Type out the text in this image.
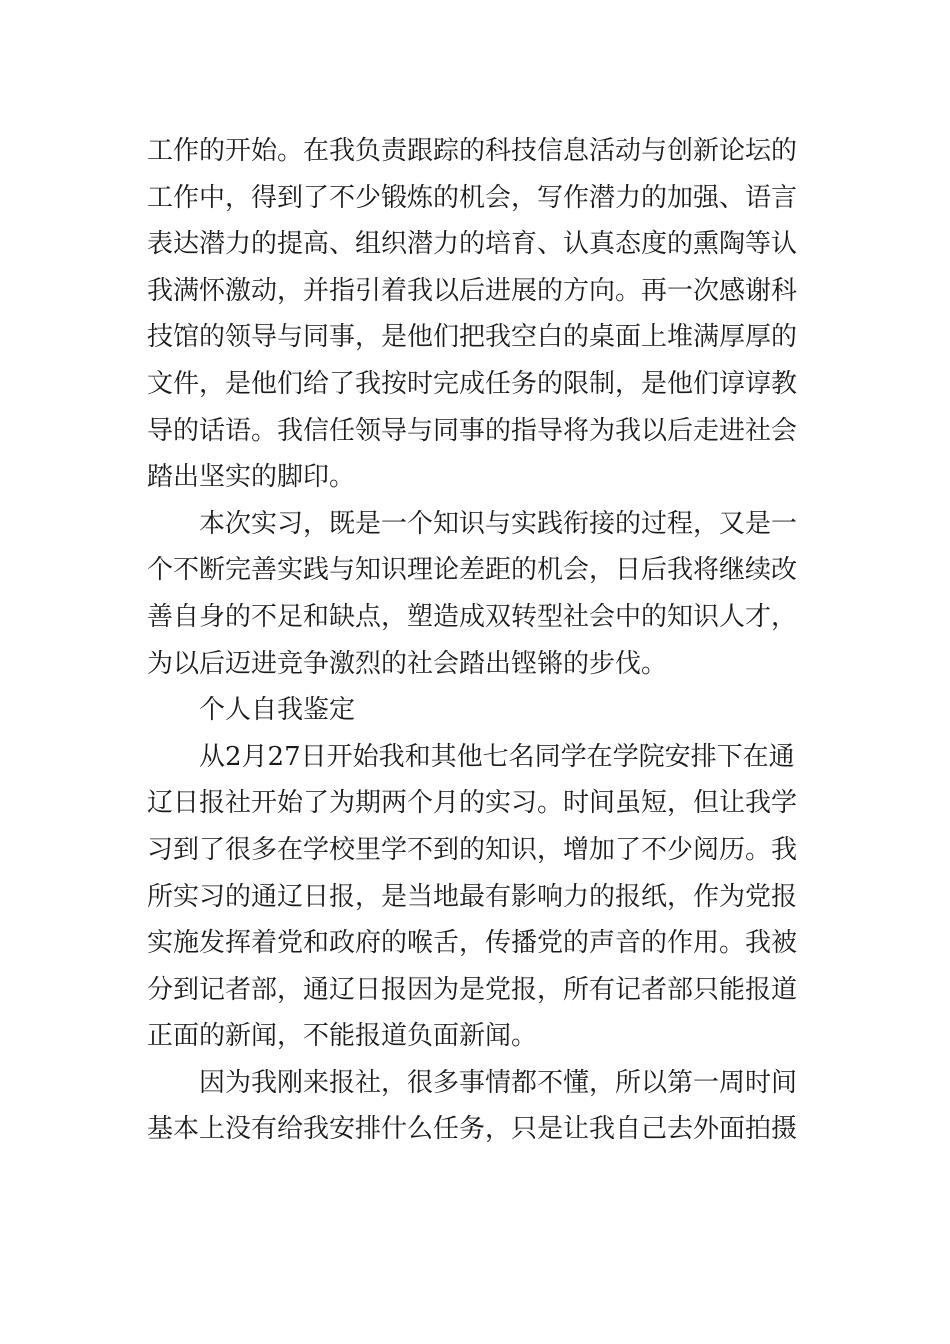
工作的开始。在我负责跟踪的科技信息活动与创新论坛的
工作中，得到了不少锻炼的机会，写作潜力的加强、语言
表达潜力的提高、组织潜力的培育、认真态度的熏陶等认
我满怀激动，并指引着我以后进展的方向。再一次感谢科
技馆的领导与同事，是他们把我空白的桌面上堆满厚厚的
文件，是他们给了我按时完成任务的限制，是他们谆谆教
导的话语。我信任领导与同事的指导将为我以后走进社会
踏出坚实的脚印。
本次实习，既是一个知识与实践衔接的过程，又是一
个不断完善实践与知识理论差距的机会，日后我将继续改
善自身的不足和缺点，塑造成双转型社会中的知识人才，
为以后迈进竞争激烈的社会踏出铿锵的步伐。
个人自我鉴定
从2月27日开始我和其他七名同学在学院安排下在通
辽日报社开始了为期两个月的实习。时间虽短，但让我学
习到了很多在学校里学不到的知识，增加了不少阅历。我
所实习的通辽日报，是当地最有影响力的报纸，作为党报
实施发挥着党和政府的喉舌，传播党的声音的作用。我被
分到记者部，通辽日报因为是党报，所有记者部只能报道
正面的新闻，不能报道负面新闻。
因为我刚来报社，很多事情都不懂，所以第一周时间
基本上没有给我安排什么任务，只是让我自己去外面拍摄
